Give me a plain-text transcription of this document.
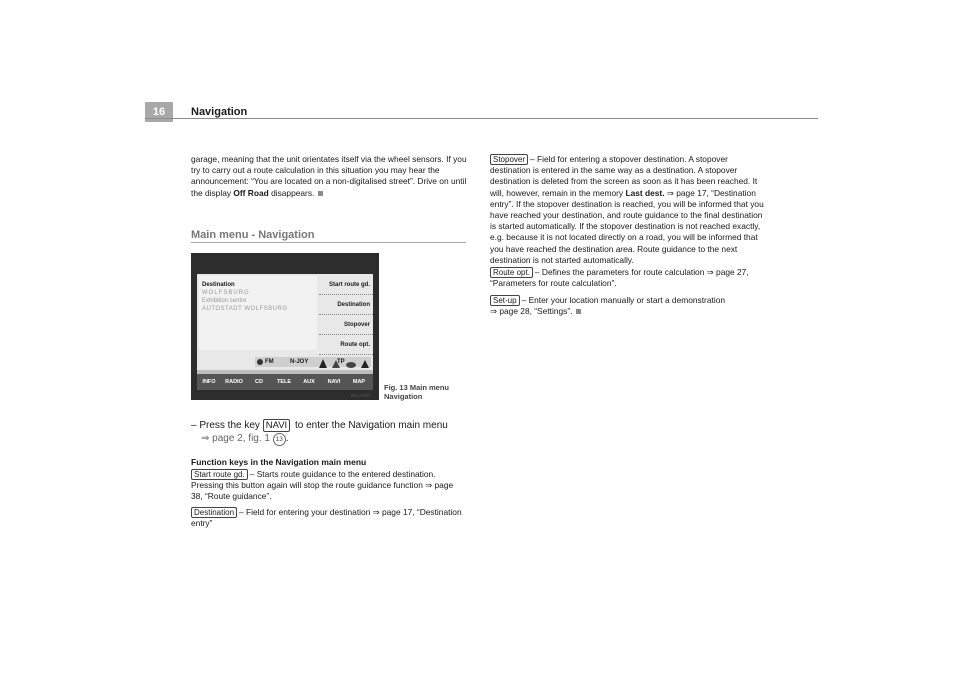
16	Navigation
garage, meaning that the unit orientates itself via the wheel sensors. If you try to carry out a route calculation in this situation you may hear the announcement: “You are located on a non-digitalised street”. Drive on until the display Off Road disappears.
Main menu - Navigation
Destination
WOLFSBURG
Exhibition centre
AUTOSTADT WOLFSBURG
Start route gd.
Destination
Stopover
Route opt.
FM	N-JOY	TP
INFO	RADIO	CD	TELE	AUX	NAVI	MAP
Bno-0037
Fig. 13 Main menu
Navigation
– Press the key NAVI to enter the Navigation main menu
⇒ page 2, fig. 1 13 .
Function keys in the Navigation main menu
Start route gd. – Starts route guidance to the entered destination. Pressing this button again will stop the route guidance function ⇒ page 38, “Route guidance”.
Destination – Field for entering your destination ⇒ page 17, “Destination entry”
Stopover – Field for entering a stopover destination. A stopover destination is entered in the same way as a destination. A stopover destination is deleted from the screen as soon as it has been reached. It will, however, remain in the memory Last dest. ⇒ page 17, “Destination entry”. If the stopover destination is reached, you will be informed that you have reached your destination, and route guidance to the final destination is started automatically. If the stopover destination is not reached exactly, e.g. because it is not located directly on a road, you will be informed that you have reached the destination area. Route guidance to the next destination is not started automatically.
Route opt. – Defines the parameters for route calculation ⇒ page 27, “Parameters for route calculation”.
Set-up – Enter your location manually or start a demonstration
⇒ page 28, “Settings”.
